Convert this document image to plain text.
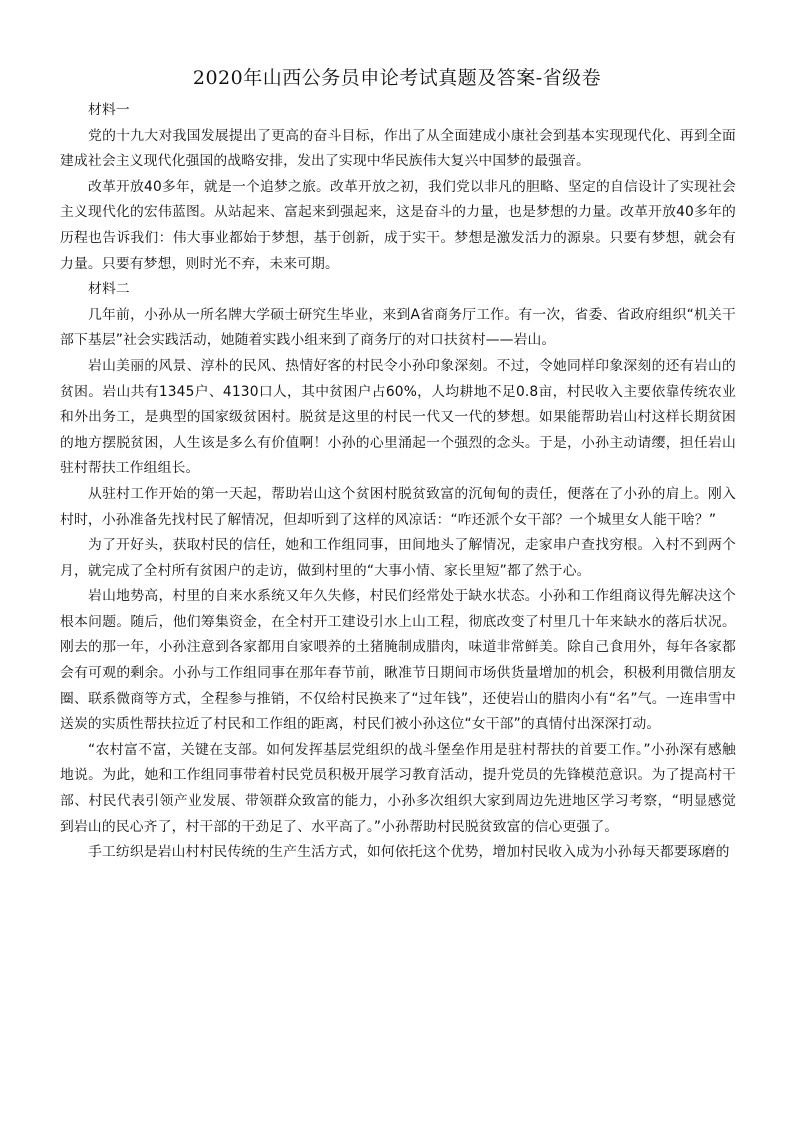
2020年山西公务员申论考试真题及答案-省级卷

材料一

党的十九大对我国发展提出了更高的奋斗目标，作出了从全面建成小康社会到基本实现现代化、再到全面建成社会主义现代化强国的战略安排，发出了实现中华民族伟大复兴中国梦的最强音。

改革开放40多年，就是一个追梦之旅。改革开放之初，我们党以非凡的胆略、坚定的自信设计了实现社会主义现代化的宏伟蓝图。从站起来、富起来到强起来，这是奋斗的力量，也是梦想的力量。改革开放40多年的历程也告诉我们：伟大事业都始于梦想，基于创新，成于实干。梦想是激发活力的源泉。只要有梦想，就会有力量。只要有梦想，则时光不弃，未来可期。

材料二

几年前，小孙从一所名牌大学硕士研究生毕业，来到A省商务厅工作。有一次，省委、省政府组织“机关干部下基层”社会实践活动，她随着实践小组来到了商务厅的对口扶贫村——岩山。

岩山美丽的风景、淳朴的民风、热情好客的村民令小孙印象深刻。不过，令她同样印象深刻的还有岩山的贫困。岩山共有1345户、4130口人，其中贫困户占60%，人均耕地不足0.8亩，村民收入主要依靠传统农业和外出务工，是典型的国家级贫困村。脱贫是这里的村民一代又一代的梦想。如果能帮助岩山村这样长期贫困的地方摆脱贫困，人生该是多么有价值啊！小孙的心里涌起一个强烈的念头。于是，小孙主动请缨，担任岩山驻村帮扶工作组组长。

从驻村工作开始的第一天起，帮助岩山这个贫困村脱贫致富的沉甸甸的责任，便落在了小孙的肩上。刚入村时，小孙准备先找村民了解情况，但却听到了这样的风凉话：“咋还派个女干部？一个城里女人能干啥？”

为了开好头，获取村民的信任，她和工作组同事，田间地头了解情况，走家串户查找穷根。入村不到两个月，就完成了全村所有贫困户的走访，做到村里的“大事小情、家长里短”都了然于心。

岩山地势高，村里的自来水系统又年久失修，村民们经常处于缺水状态。小孙和工作组商议得先解决这个根本问题。随后，他们筹集资金，在全村开工建设引水上山工程，彻底改变了村里几十年来缺水的落后状况。刚去的那一年，小孙注意到各家都用自家喂养的土猪腌制成腊肉，味道非常鲜美。除自己食用外，每年各家都会有可观的剩余。小孙与工作组同事在那年春节前，瞅准节日期间市场供货量增加的机会，积极利用微信朋友圈、联系微商等方式，全程参与推销，不仅给村民换来了“过年钱”，还使岩山的腊肉小有“名”气。一连串雪中送炭的实质性帮扶拉近了村民和工作组的距离，村民们被小孙这位“女干部”的真情付出深深打动。

“农村富不富，关键在支部。如何发挥基层党组织的战斗堡垒作用是驻村帮扶的首要工作。”小孙深有感触地说。为此，她和工作组同事带着村民党员积极开展学习教育活动，提升党员的先锋模范意识。为了提高村干部、村民代表引领产业发展、带领群众致富的能力，小孙多次组织大家到周边先进地区学习考察，“明显感觉到岩山的民心齐了，村干部的干劲足了、水平高了。”小孙帮助村民脱贫致富的信心更强了。

手工纺织是岩山村村民传统的生产生活方式，如何依托这个优势，增加村民收入成为小孙每天都要琢磨的
